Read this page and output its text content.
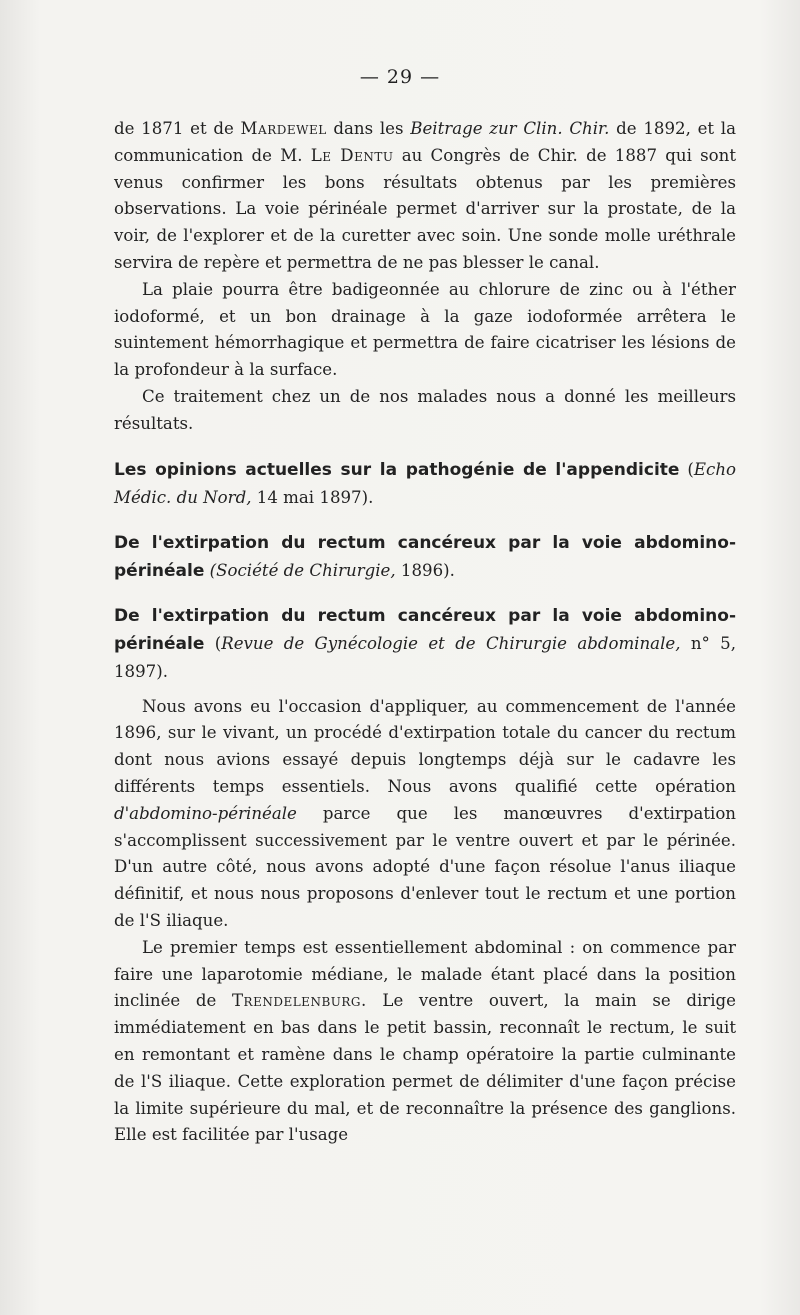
— 29 —

de 1871 et de Mardewel dans les Beitrage zur Clin. Chir. de 1892, et la communication de M. Le Dentu au Congrès de Chir. de 1887 qui sont venus confirmer les bons résultats obtenus par les premières observations. La voie périnéale permet d'arriver sur la prostate, de la voir, de l'explorer et de la curetter avec soin. Une sonde molle uréthrale servira de repère et permettra de ne pas blesser le canal.

La plaie pourra être badigeonnée au chlorure de zinc ou à l'éther iodoformé, et un bon drainage à la gaze iodoformée arrêtera le suintement hémorrhagique et permettra de faire cicatriser les lésions de la profondeur à la surface.

Ce traitement chez un de nos malades nous a donné les meilleurs résultats.

Les opinions actuelles sur la pathogénie de l'appendicite (Echo Médic. du Nord, 14 mai 1897).

De l'extirpation du rectum cancéreux par la voie abdomino-périnéale (Société de Chirurgie, 1896).

De l'extirpation du rectum cancéreux par la voie abdomino-périnéale (Revue de Gynécologie et de Chirurgie abdominale, n° 5, 1897).

Nous avons eu l'occasion d'appliquer, au commencement de l'année 1896, sur le vivant, un procédé d'extirpation totale du cancer du rectum dont nous avions essayé depuis longtemps déjà sur le cadavre les différents temps essentiels. Nous avons qualifié cette opération d'abdomino-périnéale parce que les manœuvres d'extirpation s'accomplissent successivement par le ventre ouvert et par le périnée. D'un autre côté, nous avons adopté d'une façon résolue l'anus iliaque définitif, et nous nous proposons d'enlever tout le rectum et une portion de l'S iliaque.

Le premier temps est essentiellement abdominal : on commence par faire une laparotomie médiane, le malade étant placé dans la position inclinée de Trendelenburg. Le ventre ouvert, la main se dirige immédiatement en bas dans le petit bassin, reconnaît le rectum, le suit en remontant et ramène dans le champ opératoire la partie culminante de l'S iliaque. Cette exploration permet de délimiter d'une façon précise la limite supérieure du mal, et de reconnaître la présence des ganglions. Elle est facilitée par l'usage
